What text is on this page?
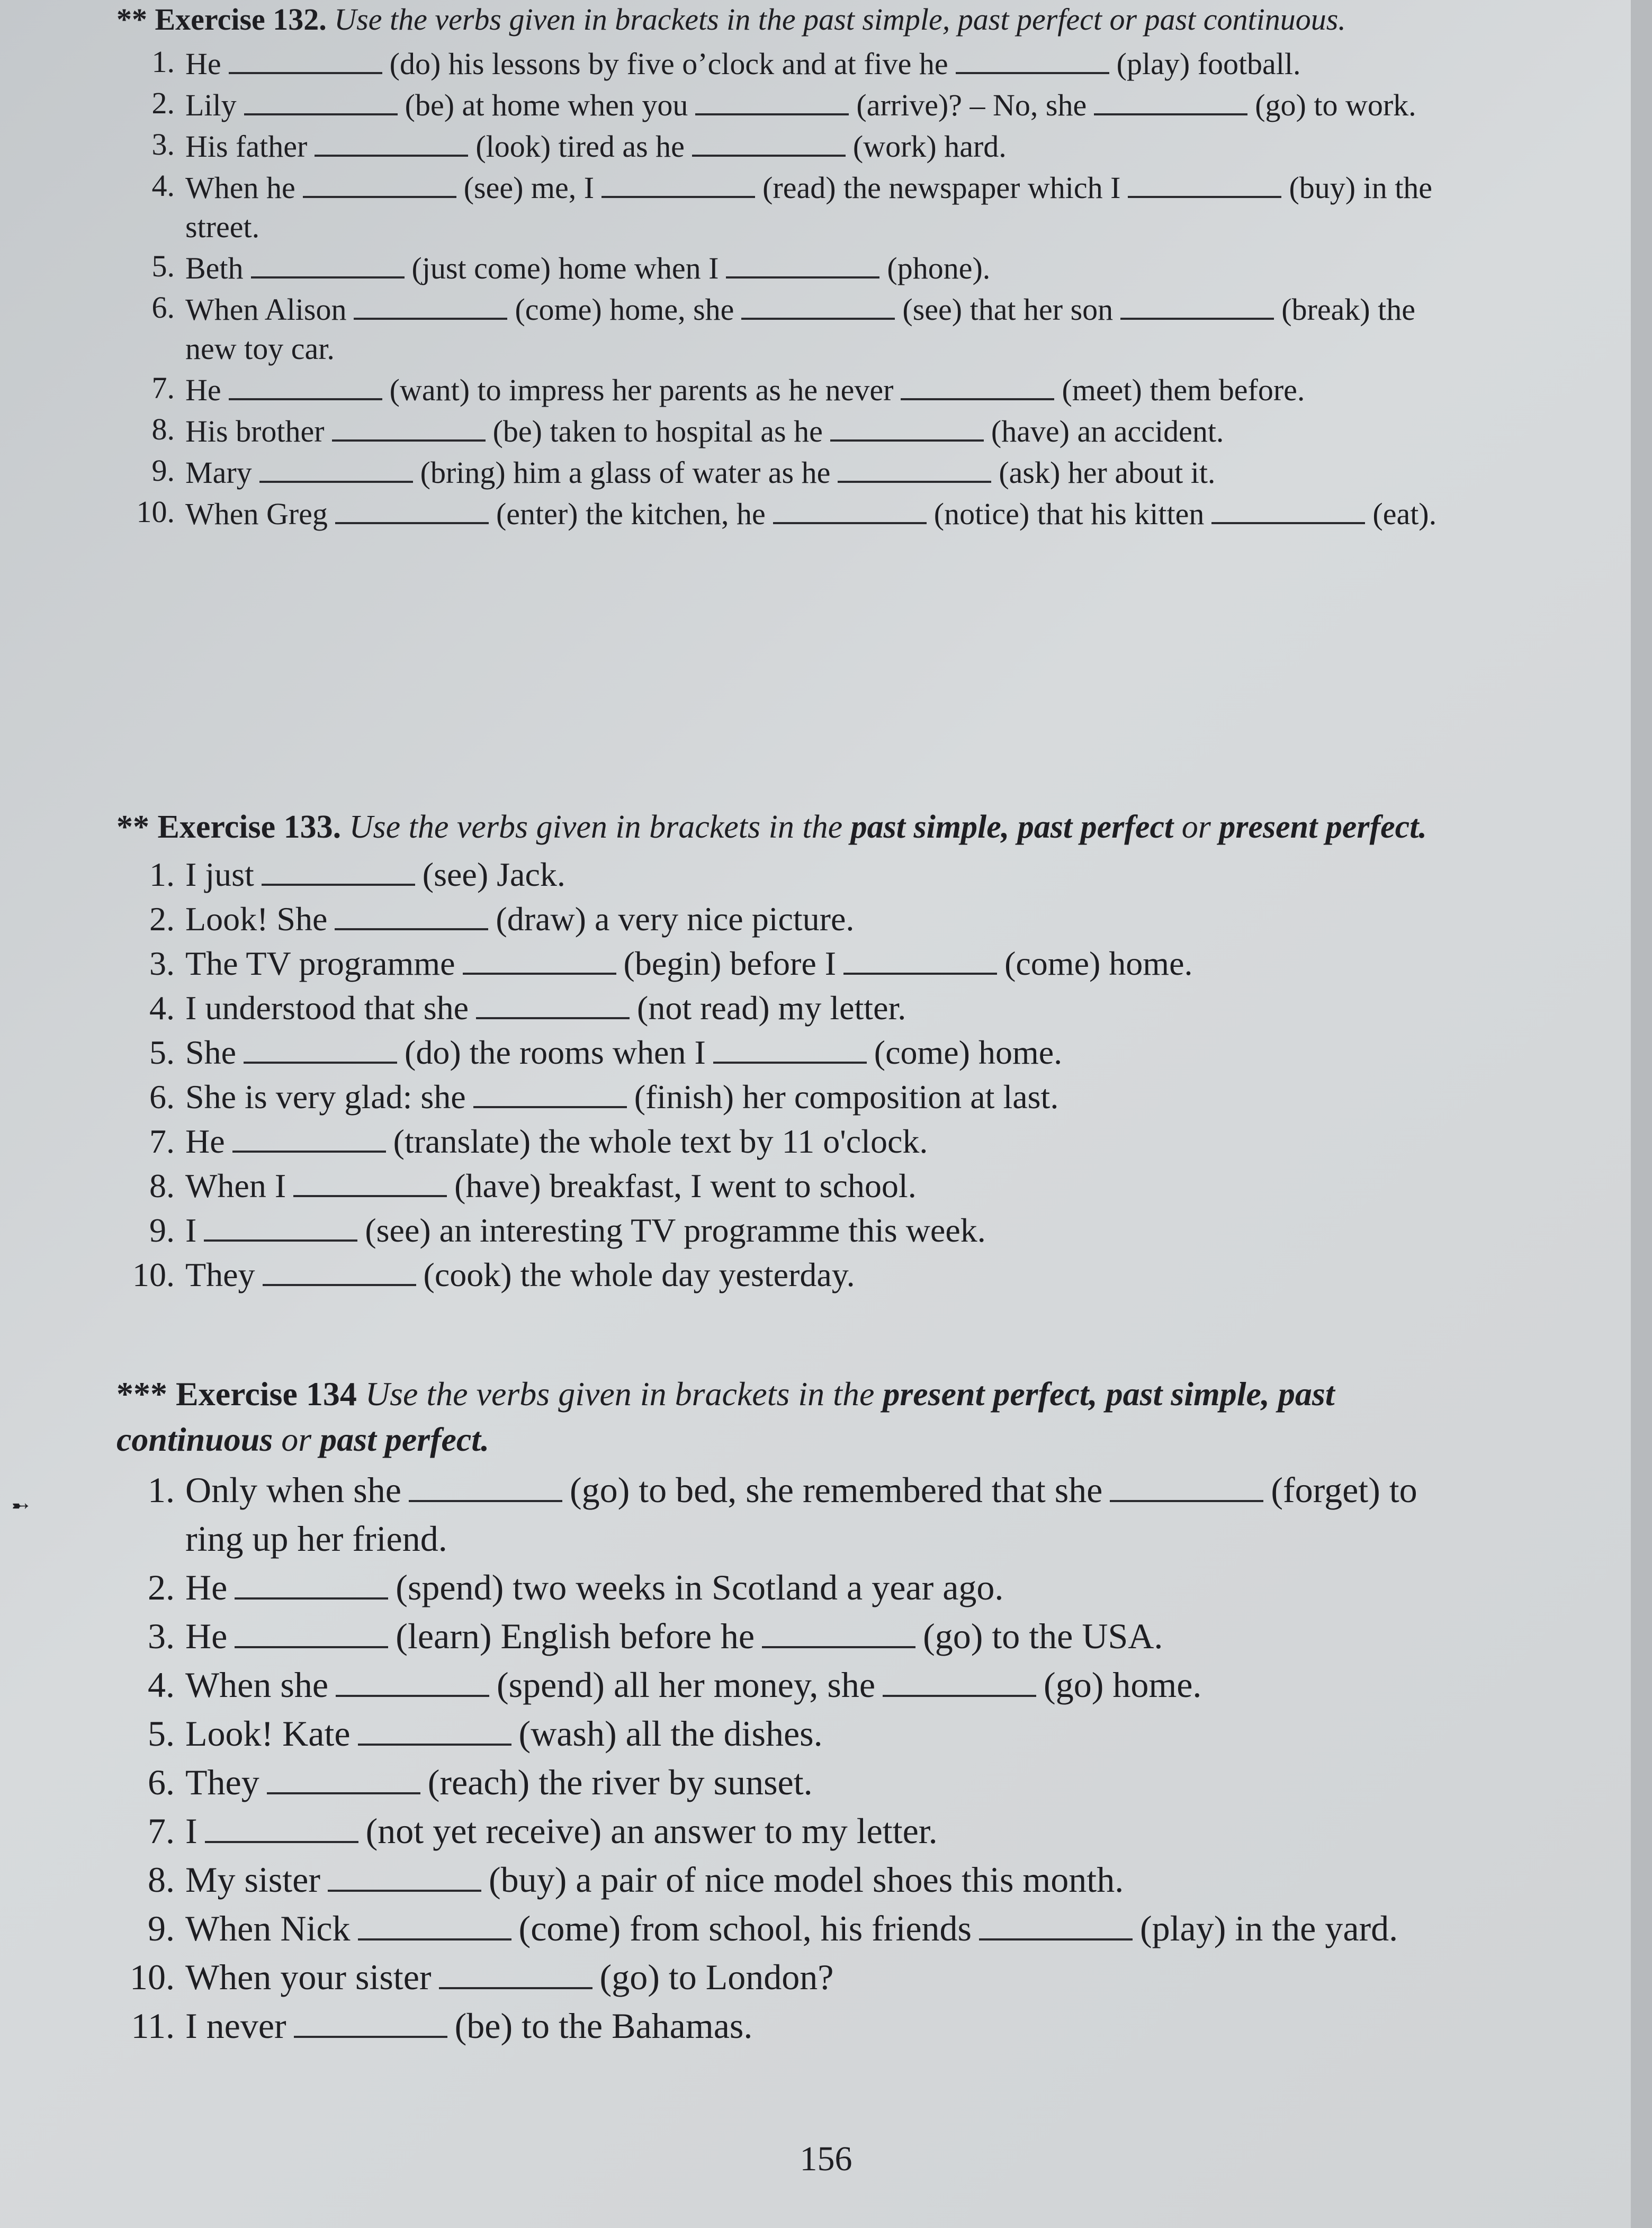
➸
** Exercise 132. Use the verbs given in brackets in the past simple, past perfect or past continuous.
1. He	(do) his lessons by five o’clock and at five he	(play) football.
2. Lily	(be) at home when you	(arrive)? – No, she	(go) to work.
3. His father	(look) tired as he	(work) hard.
4. When he	(see) me, I	(read) the newspaper which I	(buy) in the street.
5. Beth	(just come) home when I	(phone).
6. When Alison	(come) home, she	(see) that her son	(break) the new toy car.
7. He	(want) to impress her parents as he never	(meet) them before.
8. His brother	(be) taken to hospital as he	(have) an accident.
9. Mary	(bring) him a glass of water as he	(ask) her about it.
10. When Greg	(enter) the kitchen, he	(notice) that his kitten	(eat).
** Exercise 133. Use the verbs given in brackets in the past simple, past perfect or present perfect.
1. I just	(see) Jack.
2. Look! She	(draw) a very nice picture.
3. The TV programme	(begin) before I	(come) home.
4. I understood that she	(not read) my letter.
5. She	(do) the rooms when I	(come) home.
6. She is very glad: she	(finish) her composition at last.
7. He	(translate) the whole text by 11 o'clock.
8. When I	(have) breakfast, I went to school.
9. I	(see) an interesting TV programme this week.
10. They	(cook) the whole day yesterday.
*** Exercise 134 Use the verbs given in brackets in the present perfect, past simple, past continuous or past perfect.
1. Only when she	(go) to bed, she remembered that she	(forget) to ring up her friend.
2. He	(spend) two weeks in Scotland a year ago.
3. He	(learn) English before he	(go) to the USA.
4. When she	(spend) all her money, she	(go) home.
5. Look! Kate	(wash) all the dishes.
6. They	(reach) the river by sunset.
7. I	(not yet receive) an answer to my letter.
8. My sister	(buy) a pair of nice model shoes this month.
9. When Nick	(come) from school, his friends	(play) in the yard.
10. When your sister	(go) to London?
11. I never	(be) to the Bahamas.
156
